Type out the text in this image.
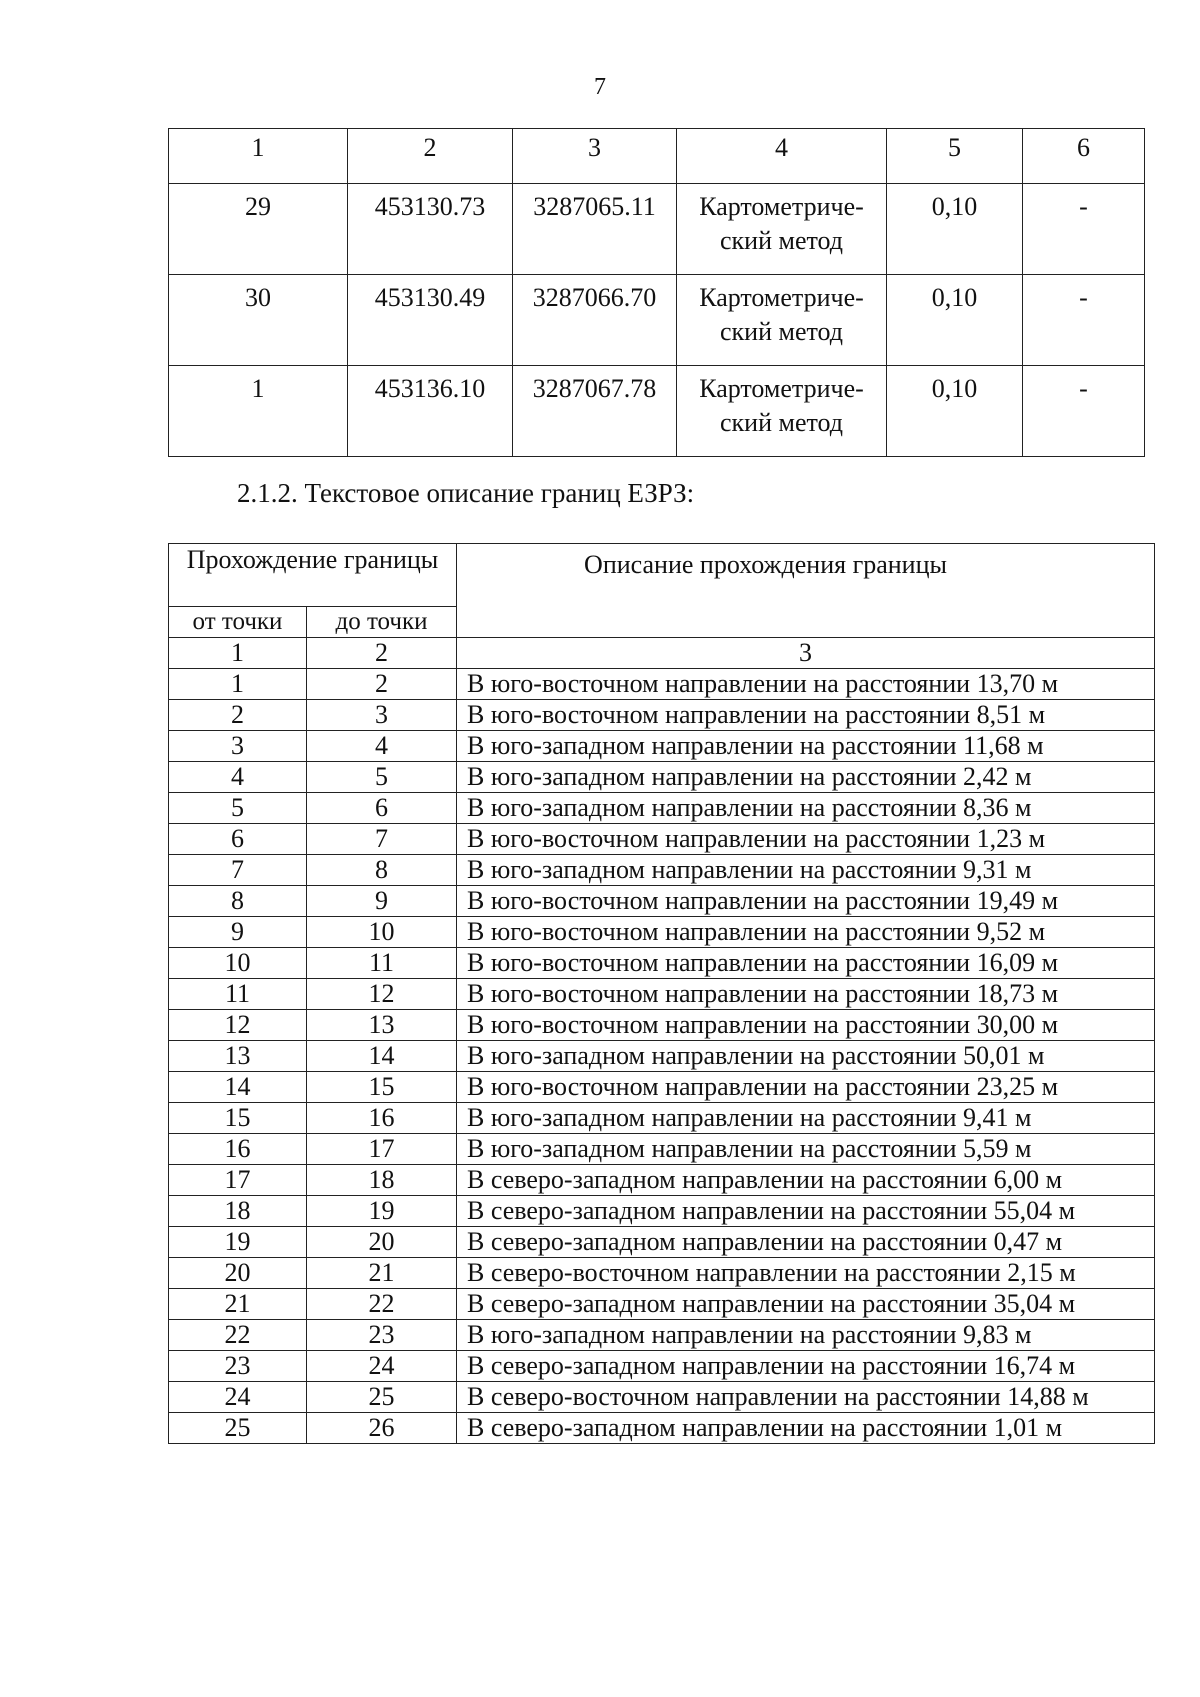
7
1	2	3	4	5	6
29	453130.73	3287065.11	Картометриче-ский метод	0,10	-
30	453130.49	3287066.70	Картометриче-ский метод	0,10	-
1	453136.10	3287067.78	Картометриче-ский метод	0,10	-
2.1.2. Текстовое описание границ ЕЗРЗ:
Прохождение границы		Описание прохождения границы
от точки	до точки	
1	2	3
1	2	В юго-восточном направлении на расстоянии 13,70 м
2	3	В юго-восточном направлении на расстоянии 8,51 м
3	4	В юго-западном направлении на расстоянии 11,68 м
4	5	В юго-западном направлении на расстоянии 2,42 м
5	6	В юго-западном направлении на расстоянии 8,36 м
6	7	В юго-восточном направлении на расстоянии 1,23 м
7	8	В юго-западном направлении на расстоянии 9,31 м
8	9	В юго-восточном направлении на расстоянии 19,49 м
9	10	В юго-восточном направлении на расстоянии 9,52 м
10	11	В юго-восточном направлении на расстоянии 16,09 м
11	12	В юго-восточном направлении на расстоянии 18,73 м
12	13	В юго-восточном направлении на расстоянии 30,00 м
13	14	В юго-западном направлении на расстоянии 50,01 м
14	15	В юго-восточном направлении на расстоянии 23,25 м
15	16	В юго-западном направлении на расстоянии 9,41 м
16	17	В юго-западном направлении на расстоянии 5,59 м
17	18	В северо-западном направлении на расстоянии 6,00 м
18	19	В северо-западном направлении на расстоянии 55,04 м
19	20	В северо-западном направлении на расстоянии 0,47 м
20	21	В северо-восточном направлении на расстоянии 2,15 м
21	22	В северо-западном направлении на расстоянии 35,04 м
22	23	В юго-западном направлении на расстоянии 9,83 м
23	24	В северо-западном направлении на расстоянии 16,74 м
24	25	В северо-восточном направлении на расстоянии 14,88 м
25	26	В северо-западном направлении на расстоянии 1,01 м
